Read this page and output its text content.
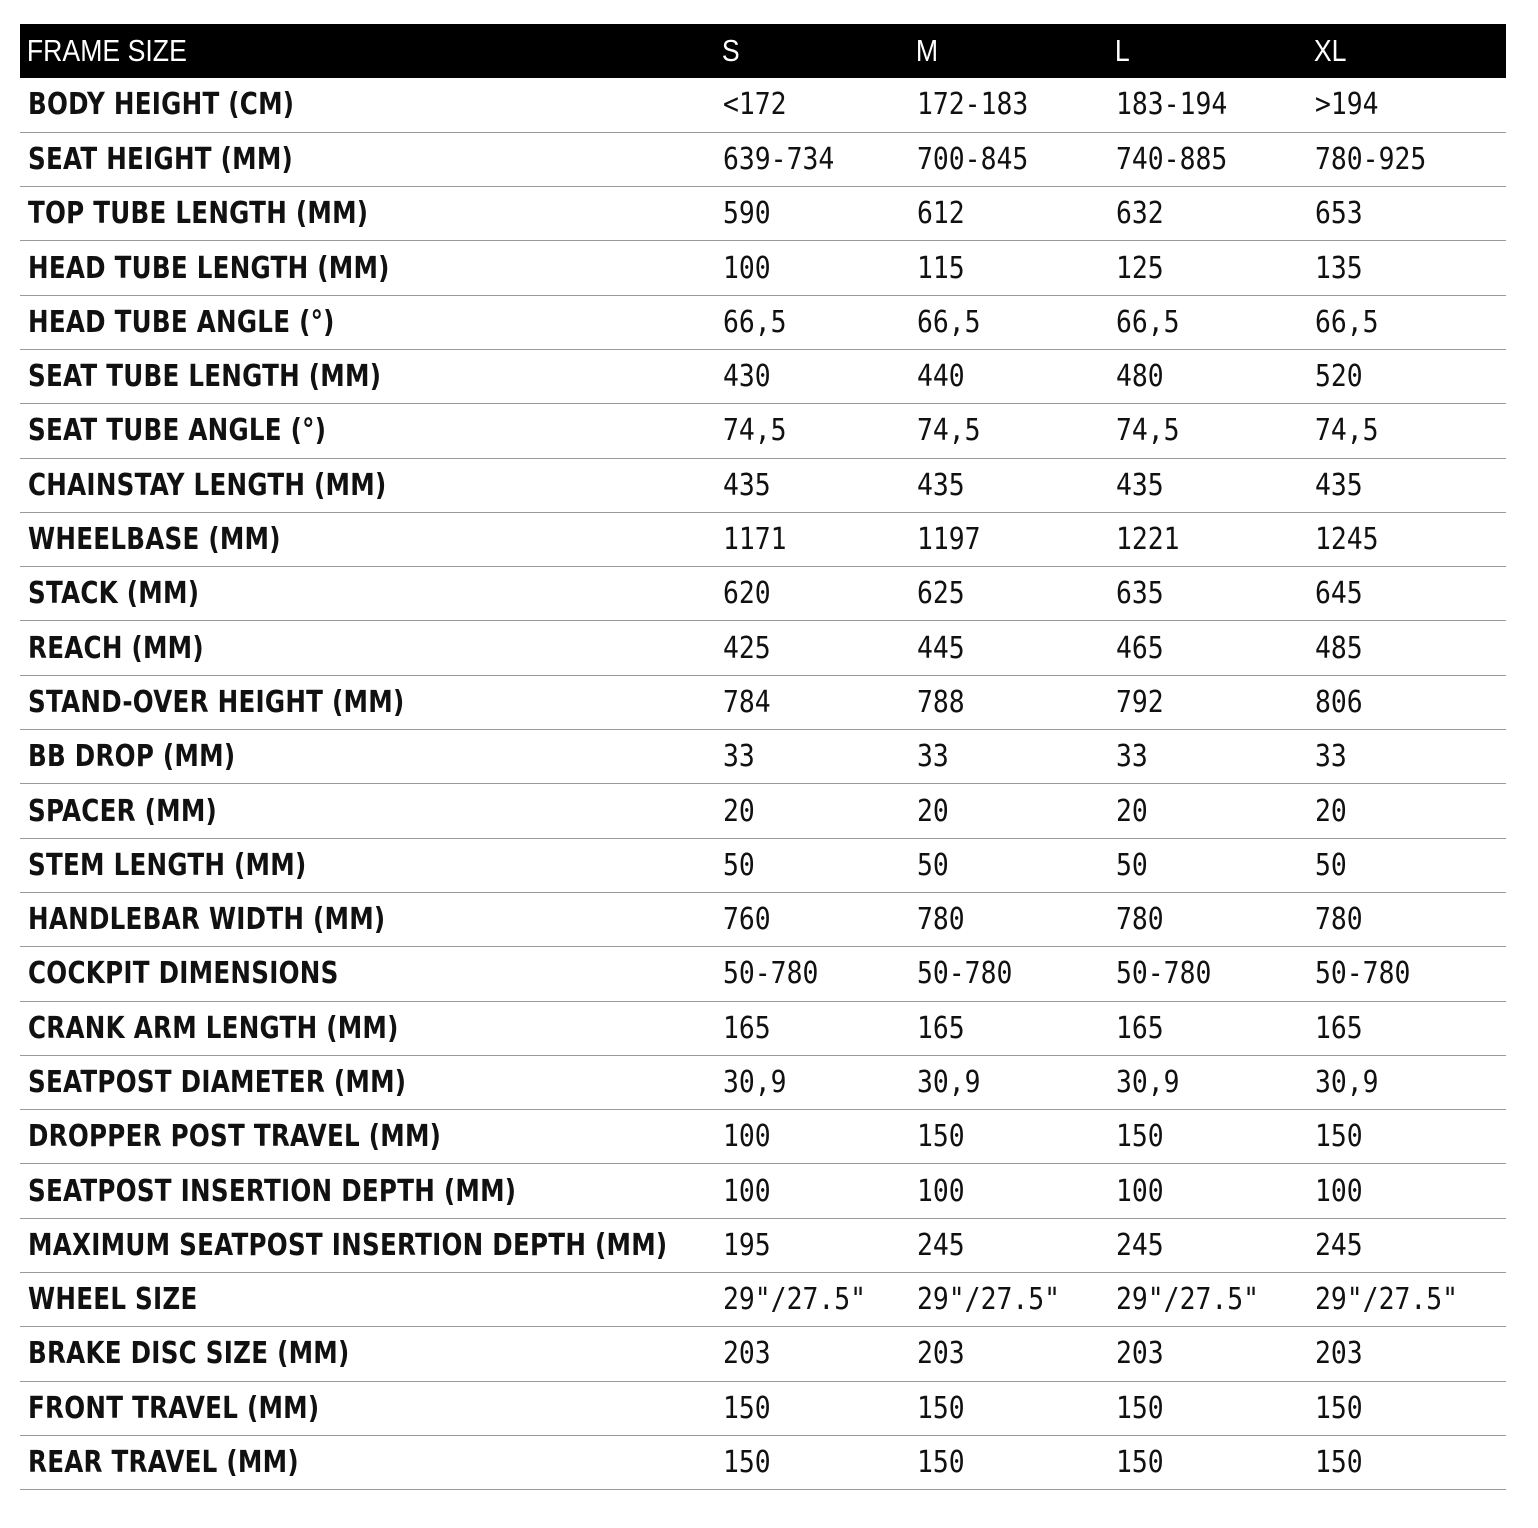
FRAME SIZE	S	M	L	XL
BODY HEIGHT (CM)	<172	172-183	183-194	>194
SEAT HEIGHT (MM)	639-734	700-845	740-885	780-925
TOP TUBE LENGTH (MM)	590	612	632	653
HEAD TUBE LENGTH (MM)	100	115	125	135
HEAD TUBE ANGLE (°)	66,5	66,5	66,5	66,5
SEAT TUBE LENGTH (MM)	430	440	480	520
SEAT TUBE ANGLE (°)	74,5	74,5	74,5	74,5
CHAINSTAY LENGTH (MM)	435	435	435	435
WHEELBASE (MM)	1171	1197	1221	1245
STACK (MM)	620	625	635	645
REACH (MM)	425	445	465	485
STAND-OVER HEIGHT (MM)	784	788	792	806
BB DROP (MM)	33	33	33	33
SPACER (MM)	20	20	20	20
STEM LENGTH (MM)	50	50	50	50
HANDLEBAR WIDTH (MM)	760	780	780	780
COCKPIT DIMENSIONS	50-780	50-780	50-780	50-780
CRANK ARM LENGTH (MM)	165	165	165	165
SEATPOST DIAMETER (MM)	30,9	30,9	30,9	30,9
DROPPER POST TRAVEL (MM)	100	150	150	150
SEATPOST INSERTION DEPTH (MM)	100	100	100	100
MAXIMUM SEATPOST INSERTION DEPTH (MM)	195	245	245	245
WHEEL SIZE	29"/27.5"	29"/27.5"	29"/27.5"	29"/27.5"
BRAKE DISC SIZE (MM)	203	203	203	203
FRONT TRAVEL (MM)	150	150	150	150
REAR TRAVEL (MM)	150	150	150	150
